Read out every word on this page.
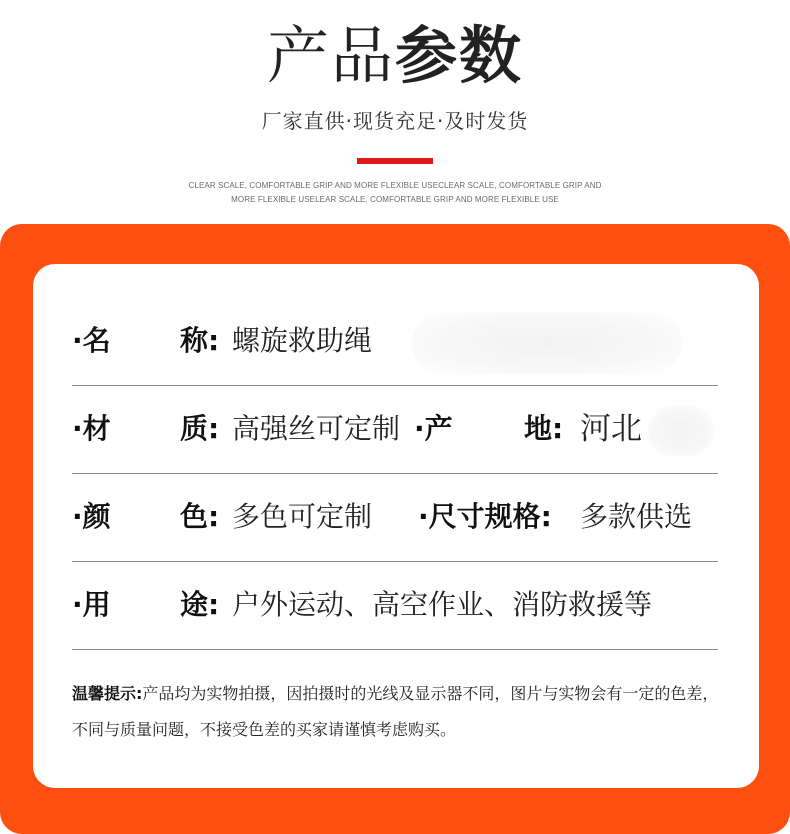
产品参数
厂家直供·现货充足·及时发货
CLEAR SCALE, COMFORTABLE GRIP AND MORE FLEXIBLE USECLEAR SCALE, COMFORTABLE GRIP AND MORE FLEXIBLE USELEAR SCALE, COMFORTABLE GRIP AND MORE FLEXIBLE USE
·名 称: 螺旋救助绳
·材 质: 高强丝可定制 ·产	地: 河北
·颜 色: 多色可定制 ·尺寸规格: 多款供选
·用 途: 户外运动、高空作业、消防救援等
温馨提示:产品均为实物拍摄，因拍摄时的光线及显示器不同，图片与实物会有一定的色差，不同与质量问题，不接受色差的买家请谨慎考虑购买。
